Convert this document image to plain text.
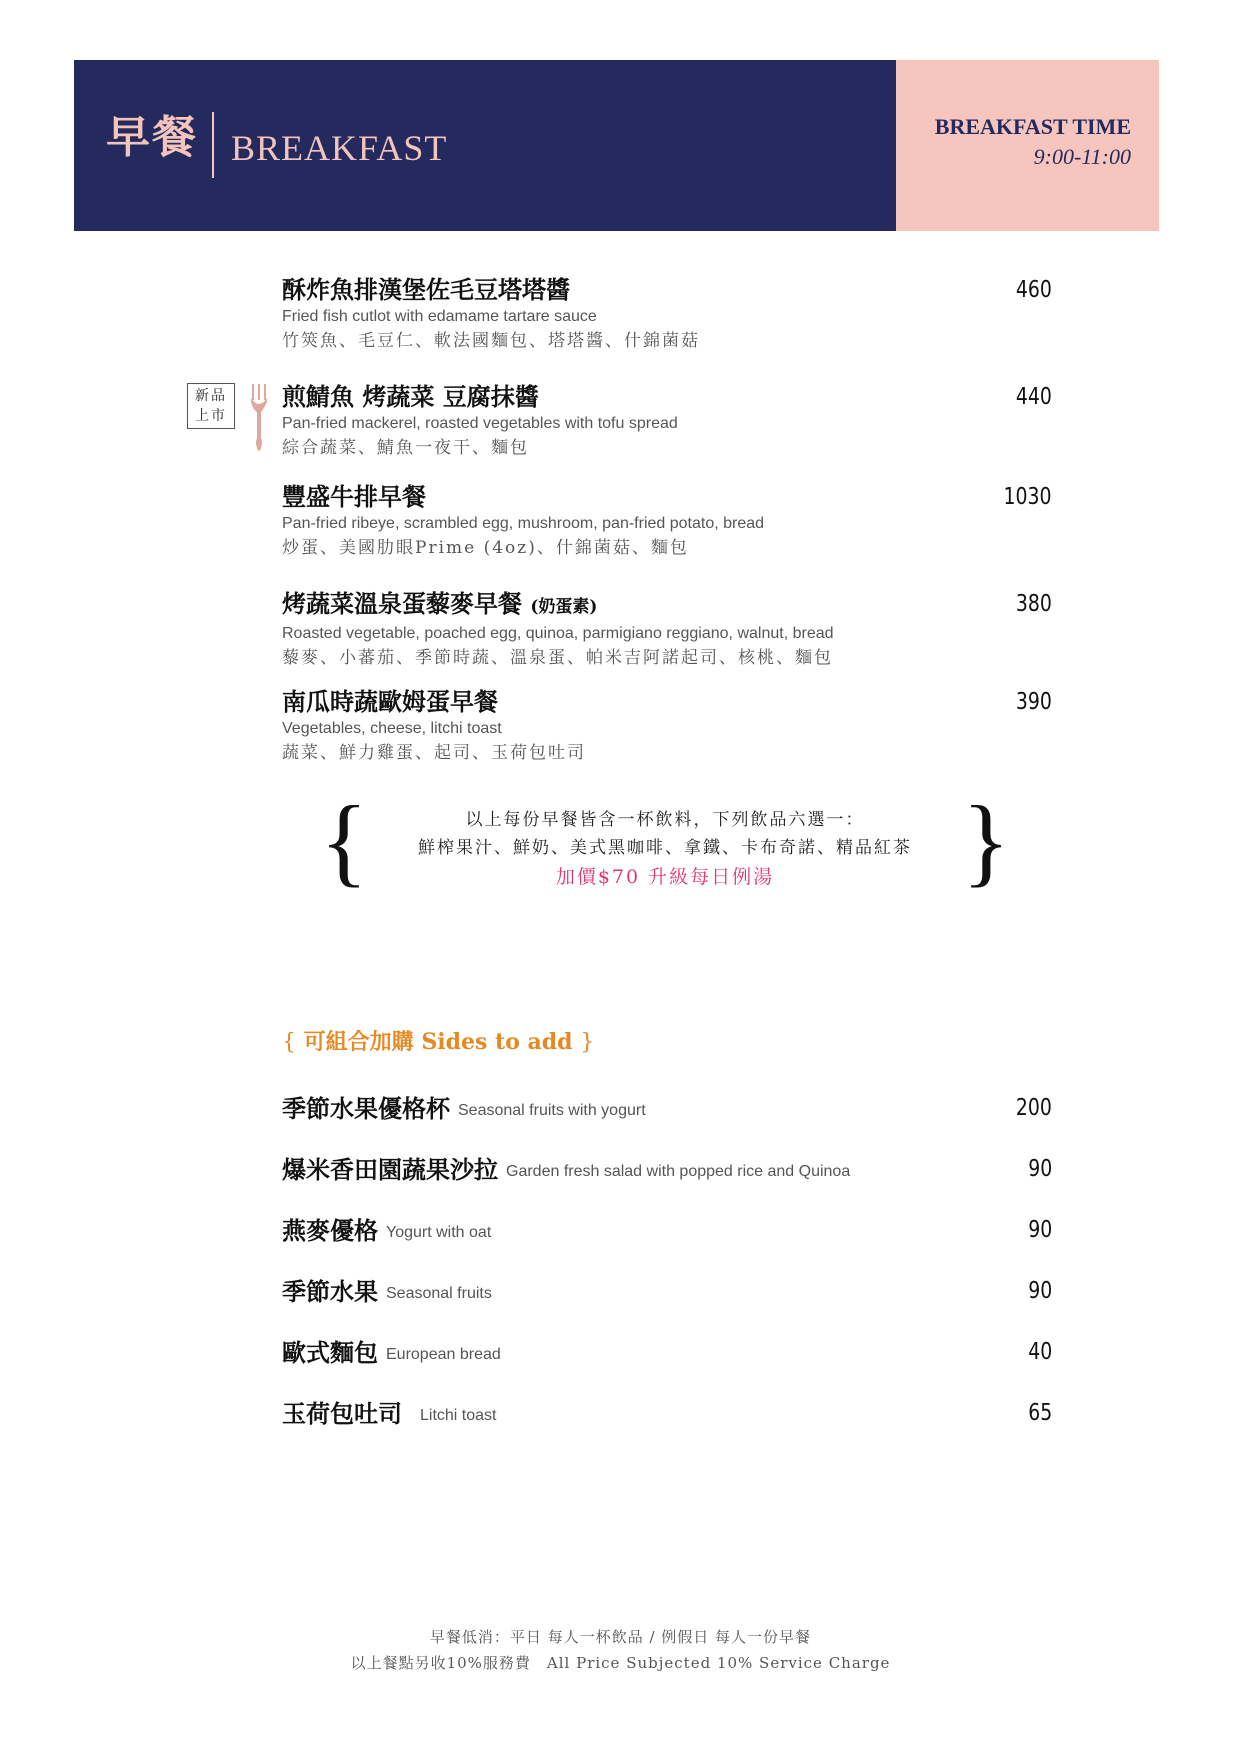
早餐 BREAKFAST
BREAKFAST TIME
9:00-11:00
新品
上市
酥炸魚排漢堡佐毛豆塔塔醬
Fried fish cutlot with edamame tartare sauce
竹筴魚、毛豆仁、軟法國麵包、塔塔醬、什錦菌菇
460
煎鯖魚 烤蔬菜 豆腐抹醬
Pan-fried mackerel, roasted vegetables with tofu spread
綜合蔬菜、鯖魚一夜干、麵包
440
豐盛牛排早餐
Pan-fried ribeye, scrambled egg, mushroom, pan-fried potato, bread
炒蛋、美國肋眼Prime (4oz)、什錦菌菇、麵包
1030
烤蔬菜溫泉蛋藜麥早餐 (奶蛋素)
Roasted vegetable, poached egg, quinoa, parmigiano reggiano, walnut, bread
藜麥、小蕃茄、季節時蔬、溫泉蛋、帕米吉阿諾起司、核桃、麵包
380
南瓜時蔬歐姆蛋早餐
Vegetables, cheese, litchi toast
蔬菜、鮮力雞蛋、起司、玉荷包吐司
390
{	}
以上每份早餐皆含一杯飲料，下列飲品六選一：
鮮榨果汁、鮮奶、美式黑咖啡、拿鐵、卡布奇諾、精品紅茶
加價$70 升級每日例湯
{ 可組合加購 Sides to add }
季節水果優格杯 Seasonal fruits with yogurt	200
爆米香田園蔬果沙拉 Garden fresh salad with popped rice and Quinoa	90
燕麥優格 Yogurt with oat	90
季節水果 Seasonal fruits	90
歐式麵包 European bread	40
玉荷包吐司 Litchi toast	65
早餐低消：平日 每人一杯飲品 / 例假日 每人一份早餐
以上餐點另收10%服務費　All Price Subjected 10% Service Charge
